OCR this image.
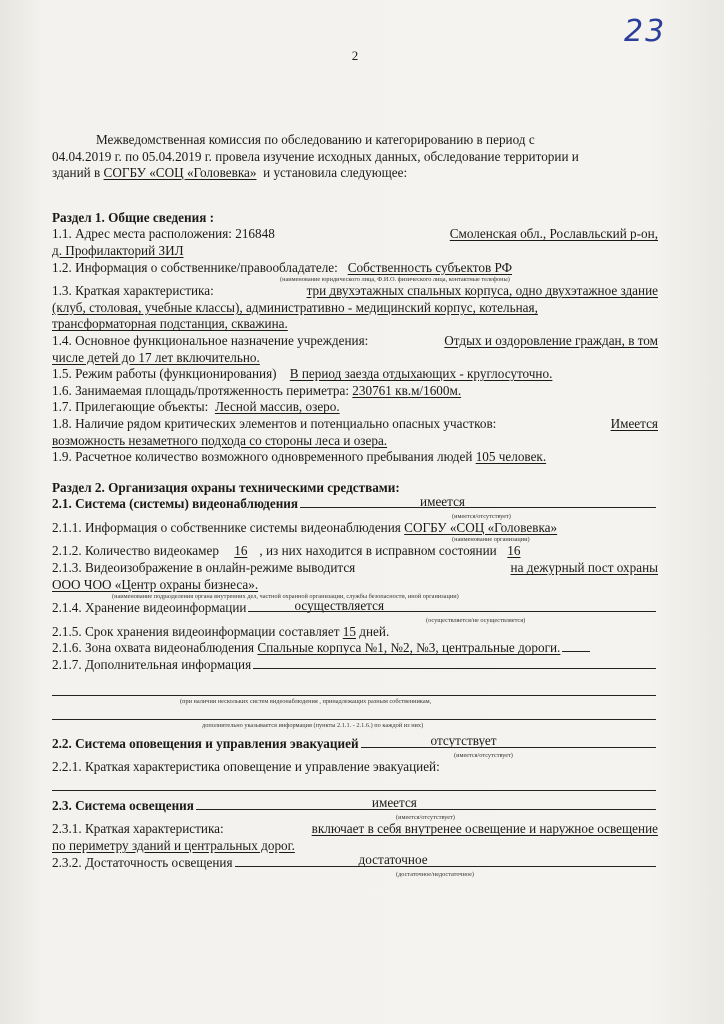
23
2
Межведомственная комиссия по обследованию и категорированию в период с
04.04.2019 г. по 05.04.2019 г. провела изучение исходных данных, обследование территории и
зданий в
СОГБУ «СОЦ «Головевка»
и установила следующее:
Раздел 1. Общие сведения :
1.1. Адрес места расположения: 216848	Смоленская обл., Рославльский р-он,
д. Профилакторий ЗИЛ
1.2. Информация о собственнике/правообладателе:
Собственность субъектов РФ
(наименование юридического лица, Ф.И.О. физического лица, контактные телефоны)
1.3. Краткая характеристика:	три двухэтажных спальных корпуса, одно двухэтажное здание
(клуб, столовая, учебные классы), административно - медицинский корпус, котельная,
трансформаторная подстанция, скважина.
1.4. Основное функциональное назначение учреждения:	Отдых и оздоровление граждан, в том
числе детей до 17 лет включительно.
1.5. Режим работы (функционирования)
В период заезда отдыхающих - круглосуточно.
1.6. Занимаемая площадь/протяженность периметра:
230761 кв.м/1600м.
1.7. Прилегающие объекты:
Лесной массив, озеро.
1.8. Наличие рядом критических элементов и потенциально опасных участков:	Имеется
возможность незаметного подхода со стороны леса и озера.
1.9. Расчетное количество возможного одновременного пребывания людей
105 человек.
Раздел 2. Организация охраны техническими средствами:
2.1. Система (системы) видеонаблюдения	имеется
(имеется/отсутствует)
2.1.1. Информация о собственнике системы видеонаблюдения
СОГБУ «СОЦ «Головевка»
(наименование организации)
2.1.2. Количество видеокамер
	16 , из них находится в исправном состоянии
16
2.1.3. Видеоизображение в онлайн-режиме выводится	на дежурный пост охраны
ООО ЧОО «Центр охраны бизнеса».
(наименование подразделения органа внутренних дел, частной охранной организации, службы безопасности, иной организации)
2.1.4. Хранение видеоинформации	осуществляется
(осуществляется/не осуществляется)
2.1.5. Срок хранения видеоинформации составляет
15
дней.
2.1.6. Зона охвата видеонаблюдения
Спальные корпуса №1, №2, №3, центральные дороги.
2.1.7. Дополнительная информация
(при наличии нескольких систем видеонаблюдения , принадлежащих разным собственникам,
дополнительно указывается информация (пункты 2.1.1. - 2.1.6.) по каждой из них)
2.2. Система оповещения и управления эвакуацией	отсутствует
(имеется/отсутствует)
2.2.1. Краткая характеристика оповещение и управление эвакуацией:
2.3. Система освещения	имеется
(имеется/отсутствует)
2.3.1. Краткая характеристика:	включает в себя внутренее освещение и наружное освещение
по периметру зданий и центральных дорог.
2.3.2. Достаточность освещения	достаточное
(достаточное/недостаточное)
